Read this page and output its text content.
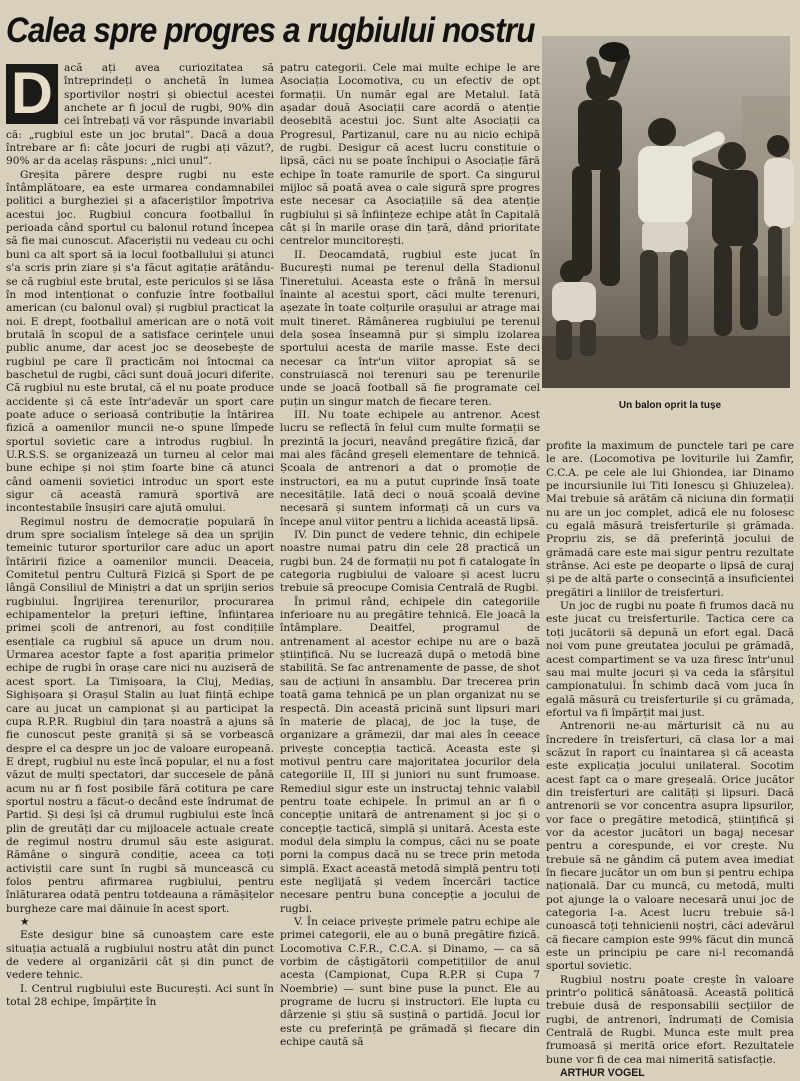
Calea spre progres a rugbiului nostru
D	acă ați avea curiozitatea să întreprindeți o anchetă în lumea sportivilor noștri și obiectul acestei anchete ar fi jocul de rugbi, 90% din cei întrebați vă vor răspunde invariabil că: „rugbiul este un joc brutal”. Dacă a doua întrebare ar fi: câte jocuri de rugbi ați văzut?, 90% ar da acelaș răspuns: „nici unul”.

Greșita părere despre rugbi nu este întâmplătoare, ea este urmarea condamnabilei politici a burgheziei și a afaceriștilor împotriva acestui joc. Rugbiul concura footballul în perioada când sportul cu balonul rotund începea să fie mai cunoscut. Afaceriștii nu vedeau cu ochi buni ca alt sport să ia locul footballului și atunci s'a scris prin ziare și s'a făcut agitație arătându-se că rugbiul este brutal, este periculos și se lăsa în mod intenționat o confuzie între footballul american (cu balonul oval) și rugbiul practicat la noi. E drept, footballul american are o notă voit brutală în scopul de a satisface cerințele unui public anume, dar acest joc se deosebește de rugbiul pe care îl practicăm noi întocmai ca baschetul de rugbi, căci sunt două jocuri diferite. Că rugbiul nu este brutal, că el nu poate produce accidente și că este într'adevăr un sport care poate aduce o serioasă contribuție la întărirea fizică a oamenilor muncii ne-o spune lîmpede sportul sovietic care a introdus rugbiul. În U.R.S.S. se organizează un turneu al celor mai bune echipe și noi știm foarte bine că atunci când oamenii sovietici introduc un sport este sigur că această ramură sportivă are incontestabile însușiri care ajută omului.

Regimul nostru de democrație populară în drum spre socialism înțelege să dea un sprijin temeinic tuturor sporturilor care aduc un aport întăririi fizice a oamenilor muncii. Deaceia, Comitetul pentru Cultură Fizică și Sport de pe lângă Consiliul de Miniștri a dat un sprijin serios rugbiului. Îngrijirea terenurilor, procurarea echipamentelor la prețuri ieftine, înființarea primei școli de antrenori, au fost condițiile esențiale ca rugbiul să apuce un drum nou. Urmarea acestor fapte a fost apariția primelor echipe de rugbi în orașe care nici nu auziseră de acest sport. La Timișoara, la Cluj, Mediaș, Sighișoara și Orașul Stalin au luat ființă echipe care au jucat un campionat și au participat la cupa R.P.R. Rugbiul din țara noastră a ajuns să fie cunoscut peste graniță și să se vorbească despre el ca despre un joc de valoare europeană. E drept, rugbiul nu este încă popular, el nu a fost văzut de mulți spectatori, dar succesele de până acum nu ar fi fost posibile fără cotitura pe care sportul nostru a făcut-o decând este îndrumat de Partid. Și deși își că drumul rugbiului este încă plin de greutăți dar cu mijloacele actuale create de regimul nostru drumul său este asigurat. Rămâne o singură condiție, aceea ca toți activiștii care sunt în rugbi să muncească cu folos pentru afirmarea rugbiului, pentru înlăturarea odată pentru totdeauna a rămășițelor burgheze care mai dăinuie în acest sport.

★

Este desigur bine să cunoaștem care este situația actuală a rugbiului nostru atât din punct de vedere al organizării cât și din punct de vedere tehnic.

I. Centrul rugbiului este București. Aci sunt în total 28 echipe, împărțite în

patru categorii. Cele mai multe echipe le are Asociația Locomotiva, cu un efectiv de opt formații. Un număr egal are Metalul. Iată așadar două Asociații care acordă o atenție deosebită acestui joc. Sunt alte Asociații ca Progresul, Partizanul, care nu au nicio echipă de rugbi. Desigur că acest lucru constituie o lipsă, căci nu se poate închipui o Asociație fără echipe în toate ramurile de sport. Ca singurul mijloc să poată avea o cale sigură spre progres este necesar ca Asociațiile să dea atenție rugbiului și să înființeze echipe atât în Capitală cât și în marile orașe din țară, dând prioritate centrelor muncitorești.

II. Deocamdată, rugbiul este jucat în București numai pe terenul della Stadionul Tineretului. Aceasta este o frână în mersul înainte al acestui sport, căci multe terenuri, așezate în toate colțurile orașului ar atrage mai mult tineret. Rămânerea rugbiului pe terenul dela șosea înseamnă pur și simplu izolarea sportului acesta de marile masse. Este deci necesar ca într'un viitor apropiat să se construiască noi terenuri sau pe terenurile unde se joacă football să fie programate cel puțin un singur match de fiecare teren.

III. Nu toate echipele au antrenor. Acest lucru se reflectă în felul cum multe formații se prezintă la jocuri, neavând pregătire fizică, dar mai ales făcând greșeli elementare de tehnică. Școala de antrenori a dat o promoție de instructori, ea nu a putut cuprinde însă toate necesitățile. Iată deci o nouă școală devine necesară și suntem informați că un curs va începe anul viitor pentru a lichida această lipsă.

IV. Din punct de vedere tehnic, din echipele noastre numai patru din cele 28 practică un rugbi bun. 24 de formații nu pot fi catalogate în categoria rugbiului de valoare și acest lucru trebuie să preocupe Comisia Centrală de Rugbi.

În primul rând, echipele din categoriile inferioare nu au pregătire tehnică. Ele joacă la întâmplare. Deaitfel, programul de antrenament al acestor echipe nu are o bază științifică. Nu se lucrează după o metodă bine stabilită. Se fac antrenamente de passe, de shot sau de acțiuni în ansamblu. Dar trecerea prin toată gama tehnică pe un plan organizat nu se respectă. Din această pricină sunt lipsuri mari în materie de placaj, de joc la tușe, de organizare a grămezii, dar mai ales în ceeace privește concepția tactică. Aceasta este și motivul pentru care majoritatea jocurilor dela categoriile II, III și juniori nu sunt frumoase. Remediul sigur este un instructaj tehnic valabil pentru toate echipele. În primul an ar fi o concepție unitară de antrenament și joc și o concepție tactică, simplă și unitară. Acesta este modul dela simplu la compus, căci nu se poate porni la compus dacă nu se trece prin metoda simplă. Exact această metodă simplă pentru toți este neglijată și vedem încercări tactice necesare pentru buna concepție a jocului de rugbi.

V. În ceiace privește primele patru echipe ale primei categorii, ele au o bună pregătire fizică. Locomotiva C.F.R., C.C.A. și Dinamo, — ca să vorbim de câștigătorii competițiilor de anul acesta (Campionat, Cupa R.P.R și Cupa 7 Noembrie) — sunt bine puse la punct. Ele au programe de lucru și instructori. Ele lupta cu dârzenie și știu să susțină o partidă. Jocul lor este cu preferință pe grămadă și fiecare din echipe caută să

Un balon oprit la tușe

profite la maximum de punctele tari pe care le are. (Locomotiva pe loviturile lui Zamfir, C.C.A. pe cele ale lui Ghiondea, iar Dinamo pe incursiunile lui Titi Ionescu și Ghiuzelea). Mai trebuie să arătăm că niciuna din formații nu are un joc complet, adică ele nu folosesc cu egală măsură treisferturile și grămada. Propriu zis, se dă preferință jocului de grămadă care este mai sigur pentru rezultate strânse. Aci este pe deoparte o lipsă de curaj și pe de altă parte o consecință a insuficientei pregătiri a liniilor de treisferturi.

Un joc de rugbi nu poate fi frumos dacă nu este jucat cu treisferturile. Tactica cere ca toți jucătorii să depună un efort egal. Dacă noi vom pune greutatea jocului pe grămadă, acest compartiment se va uza firesc într'unul sau mai multe jocuri și va ceda la sfârșitul campionatului. În schimb dacă vom juca în egală măsură cu treisferturile și cu grămada, efortul va fi împărțit mai just.

Antrenorii ne-au mărturisit că nu au încredere în treisferturi, că clasa lor a mai scăzut în raport cu înaintarea și că aceasta este explicația jocului unilateral. Socotim acest fapt ca o mare greșeală. Orice jucător din treisferturi are calități și lipsuri. Dacă antrenorii se vor concentra asupra lipsurilor, vor face o pregătire metodică, științifică și vor da acestor jucători un bagaj necesar pentru a corespunde, ei vor crește. Nu trebuie să ne gândim că putem avea imediat în fiecare jucător un om bun și pentru echipa națională. Dar cu muncă, cu metodă, multi pot ajunge la o valoare necesară unui joc de categoria I-a. Acest lucru trebuie să-l cunoască toți tehnicienii noștri, căci adevărul că fiecare campion este 99% făcut din muncă este un principiu pe care ni-l recomandă sportul sovietic.

Rugbiul nostru poate crește în valoare printr'o politică sănătoasă. Această politică trebuie dusă de responsabilii secțiilor de rugbi, de antrenori, îndrumați de Comisia Centrală de Rugbi. Munca este mult prea frumoasă și merită orice efort. Rezultatele bune vor fi de cea mai nimerită satisfacție.

ARTHUR VOGEL
